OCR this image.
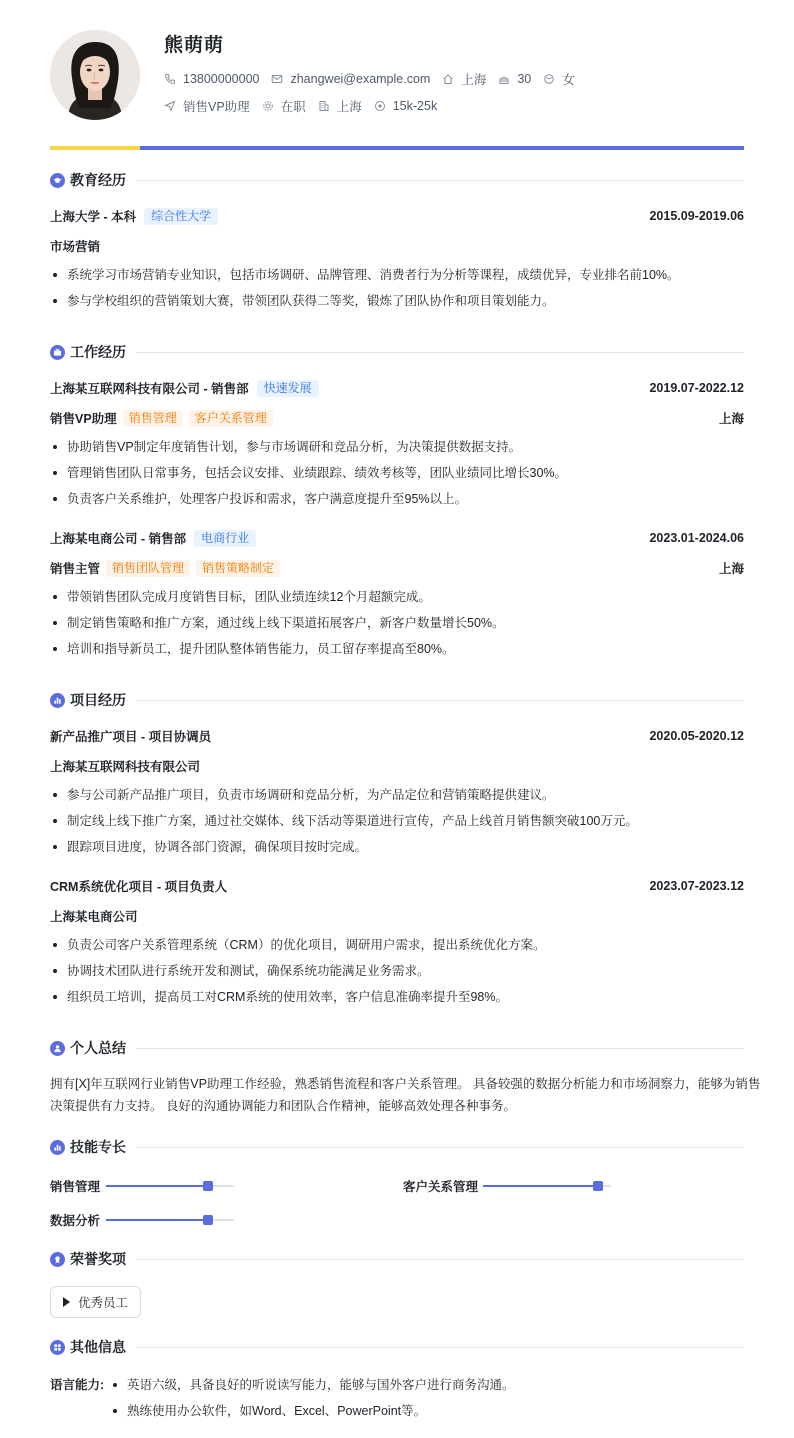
熊萌萌
13800000000 zhangwei@example.com 上海 30 女
销售VP助理 在职 上海 15k-25k
教育经历
上海大学 - 本科	综合性大学	2015.09-2019.06
市场营销
系统学习市场营销专业知识，包括市场调研、品牌管理、消费者行为分析等课程，成绩优异，专业排名前10%。
参与学校组织的营销策划大赛，带领团队获得二等奖，锻炼了团队协作和项目策划能力。
工作经历
上海某互联网科技有限公司 - 销售部	快速发展	2019.07-2022.12
销售VP助理	销售管理	客户关系管理	上海
协助销售VP制定年度销售计划，参与市场调研和竞品分析，为决策提供数据支持。
管理销售团队日常事务，包括会议安排、业绩跟踪、绩效考核等，团队业绩同比增长30%。
负责客户关系维护，处理客户投诉和需求，客户满意度提升至95%以上。
上海某电商公司 - 销售部	电商行业	2023.01-2024.06
销售主管	销售团队管理	销售策略制定	上海
带领销售团队完成月度销售目标，团队业绩连续12个月超额完成。
制定销售策略和推广方案，通过线上线下渠道拓展客户，新客户数量增长50%。
培训和指导新员工，提升团队整体销售能力，员工留存率提高至80%。
项目经历
新产品推广项目 - 项目协调员	2020.05-2020.12
上海某互联网科技有限公司
参与公司新产品推广项目，负责市场调研和竞品分析，为产品定位和营销策略提供建议。
制定线上线下推广方案，通过社交媒体、线下活动等渠道进行宣传，产品上线首月销售额突破100万元。
跟踪项目进度，协调各部门资源，确保项目按时完成。
CRM系统优化项目 - 项目负责人	2023.07-2023.12
上海某电商公司
负责公司客户关系管理系统（CRM）的优化项目，调研用户需求，提出系统优化方案。
协调技术团队进行系统开发和测试，确保系统功能满足业务需求。
组织员工培训，提高员工对CRM系统的使用效率，客户信息准确率提升至98%。
个人总结
拥有[X]年互联网行业销售VP助理工作经验，熟悉销售流程和客户关系管理。 具备较强的数据分析能力和市场洞察力，能够为销售
决策提供有力支持。 良好的沟通协调能力和团队合作精神，能够高效处理各种事务。
技能专长
销售管理	客户关系管理
数据分析
荣誉奖项
优秀员工
其他信息
语言能力:	英语六级，具备良好的听说读写能力，能够与国外客户进行商务沟通。
熟练使用办公软件，如Word、Excel、PowerPoint等。
